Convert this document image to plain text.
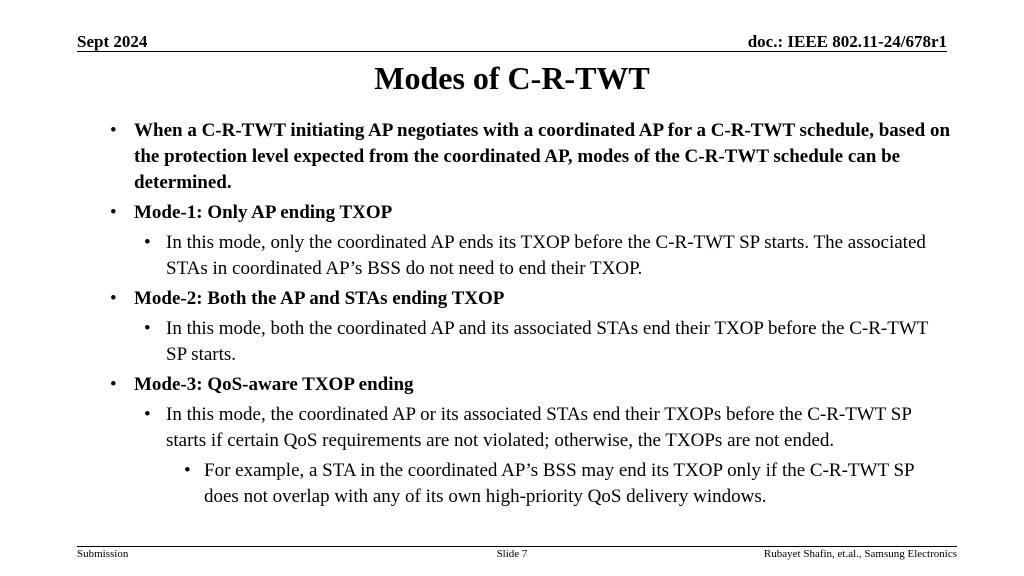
Sept 2024	doc.: IEEE 802.11-24/678r1
Modes of C-R-TWT
• When a C-R-TWT initiating AP negotiates with a coordinated AP for a C-R-TWT schedule, based on the protection level expected from the coordinated AP, modes of the C-R-TWT schedule can be determined.
• Mode-1: Only AP ending TXOP
• In this mode, only the coordinated AP ends its TXOP before the C-R-TWT SP starts. The associated STAs in coordinated AP’s BSS do not need to end their TXOP.
• Mode-2: Both the AP and STAs ending TXOP
• In this mode, both the coordinated AP and its associated STAs end their TXOP before the C-R-TWT SP starts.
• Mode-3: QoS-aware TXOP ending
• In this mode, the coordinated AP or its associated STAs end their TXOPs before the C-R-TWT SP starts if certain QoS requirements are not violated; otherwise, the TXOPs are not ended.
• For example, a STA in the coordinated AP’s BSS may end its TXOP only if the C-R-TWT SP does not overlap with any of its own high-priority QoS delivery windows.
Submission	Slide 7	Rubayet Shafin, et.al., Samsung Electronics
